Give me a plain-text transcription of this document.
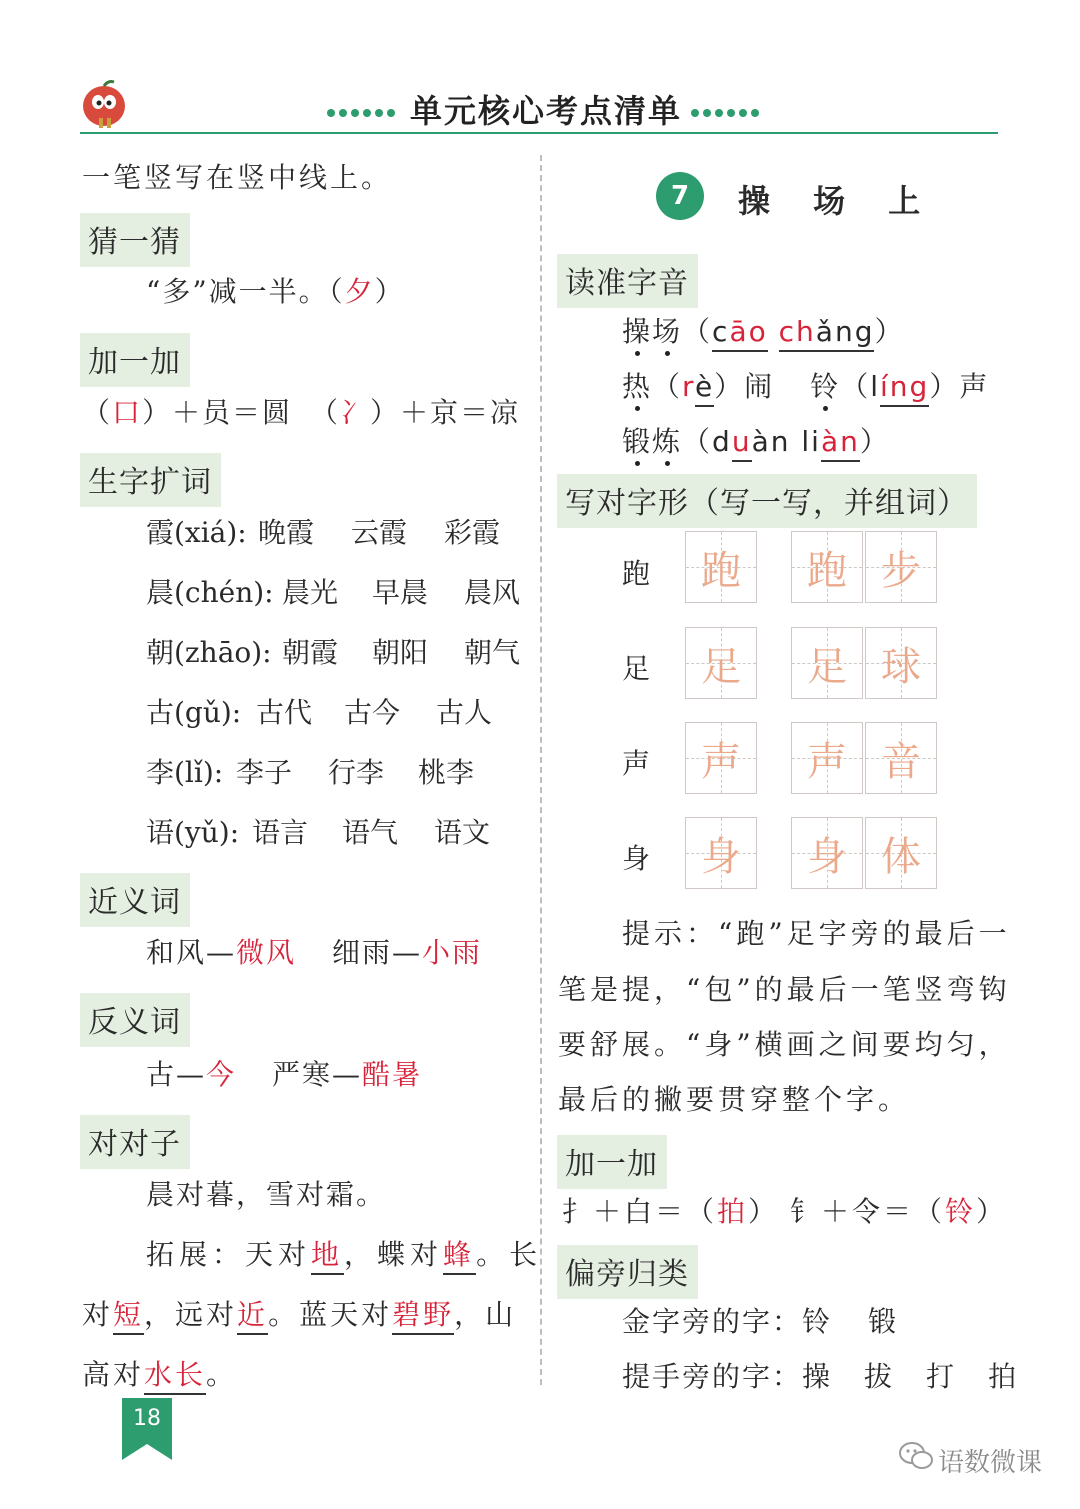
单元核心考点清单
一笔竖写在竖中线上。
猜一猜
“多”减一半。（夕）
加一加
（口）＋员＝圆 （冫）＋京＝凉
生字扩词
霞(xiá): 晚霞 云霞 彩霞
晨(chén): 晨光 早晨 晨风
朝(zhāo): 朝霞 朝阳 朝气
古(gǔ): 古代 古今 古人
李(lǐ): 李子 行李 桃李
语(yǔ): 语言 语气 语文
近义词
和风—微风 细雨—小雨
反义词
古—今 严寒—酷暑
对对子
晨对暮，雪对霜。
拓展：天对地，蝶对蜂。长
对短，远对近。蓝天对碧野，山
高对水长。
18
7 操 场 上
读准字音
操场（cāo chǎng）
热（rè）闹 铃（líng）声
锻炼（duàn liàn）
写对字形（写一写，并组词）
跑	跑	跑 步
足	足	足 球
声	声	声 音
身	身	身 体
提示：“跑”足字旁的最后一
笔是提，“包”的最后一笔竖弯钩
要舒展。“身”横画之间要均匀，
最后的撇要贯穿整个字。
加一加
扌＋白＝（拍） 钅＋令＝（铃）
偏旁归类
金字旁的字：铃 锻
提手旁的字：操 拔 打 拍
语数微课
